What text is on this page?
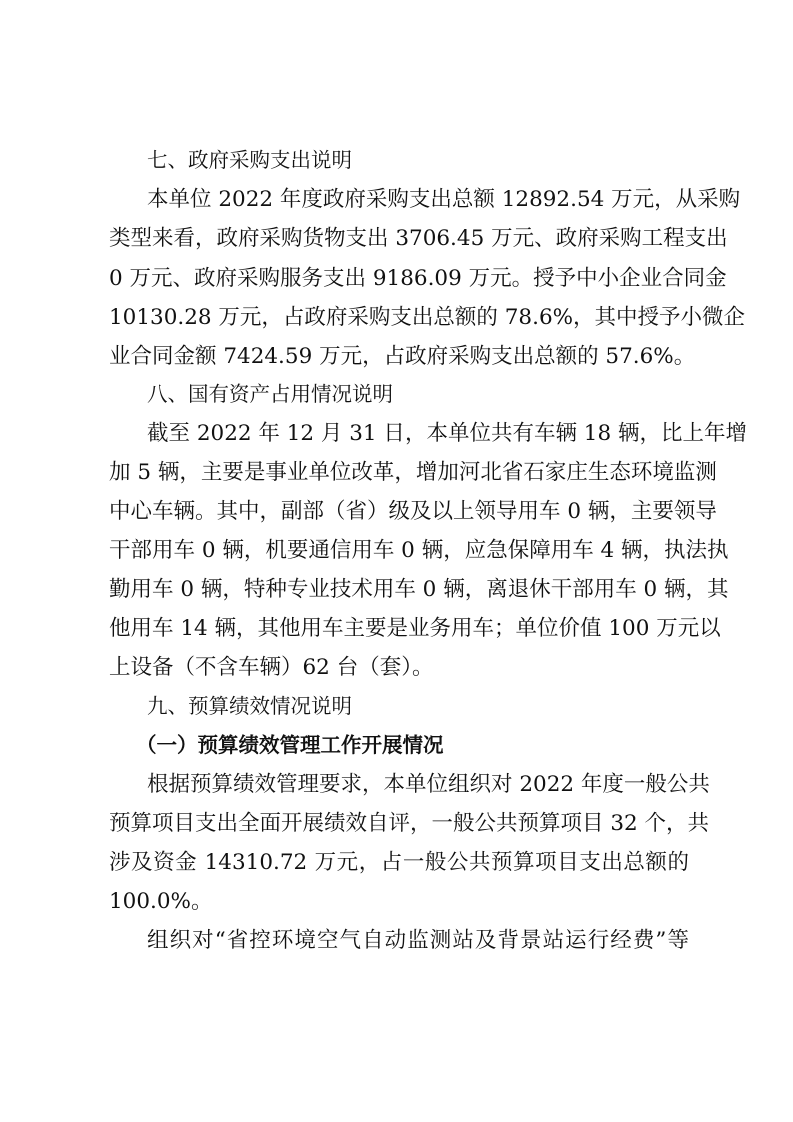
七、政府采购支出说明
本单位 2022 年度政府采购支出总额 12892.54 万元，从采购
类型来看，政府采购货物支出 3706.45 万元、政府采购工程支出
0 万元、政府采购服务支出 9186.09 万元。授予中小企业合同金
10130.28 万元，占政府采购支出总额的 78.6%，其中授予小微企
业合同金额 7424.59 万元，占政府采购支出总额的 57.6%。
八、国有资产占用情况说明
截至 2022 年 12 月 31 日，本单位共有车辆 18 辆，比上年增
加 5 辆，主要是事业单位改革，增加河北省石家庄生态环境监测
中心车辆。其中，副部（省）级及以上领导用车 0 辆，主要领导
干部用车 0 辆，机要通信用车 0 辆，应急保障用车 4 辆，执法执
勤用车 0 辆，特种专业技术用车 0 辆，离退休干部用车 0 辆，其
他用车 14 辆，其他用车主要是业务用车；单位价值 100 万元以
上设备（不含车辆）62 台（套）。
九、预算绩效情况说明
（一）预算绩效管理工作开展情况
根据预算绩效管理要求，本单位组织对 2022 年度一般公共
预算项目支出全面开展绩效自评，一般公共预算项目 32 个，共
涉及资金 14310.72 万元，占一般公共预算项目支出总额的
100.0%。
组织对“省控环境空气自动监测站及背景站运行经费”等
